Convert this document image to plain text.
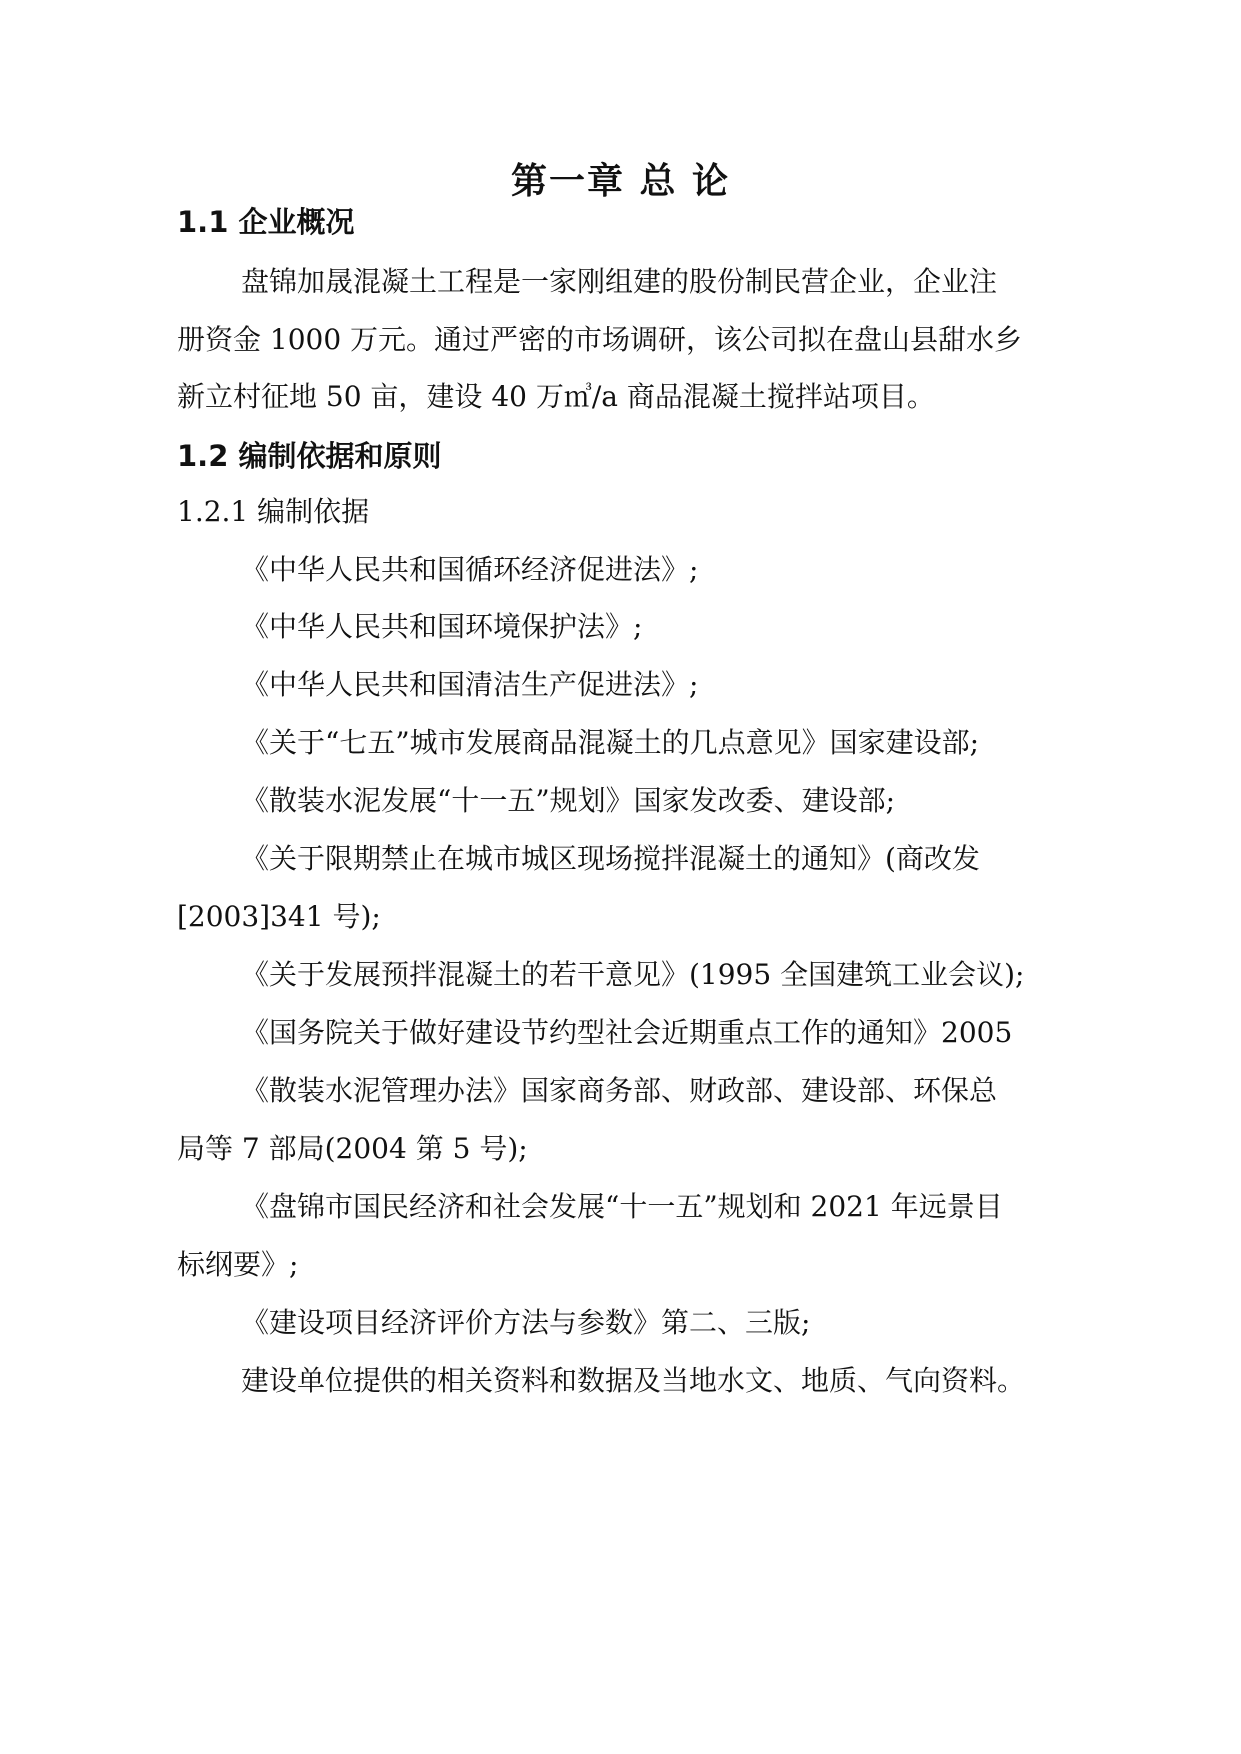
第一章 总 论
1.1 企业概况
盘锦加晟混凝土工程是一家刚组建的股份制民营企业，企业注
册资金 1000 万元。通过严密的市场调研，该公司拟在盘山县甜水乡
新立村征地 50 亩，建设 40 万㎥/a 商品混凝土搅拌站项目。
1.2 编制依据和原则
1.2.1 编制依据
《中华人民共和国循环经济促进法》;
《中华人民共和国环境保护法》;
《中华人民共和国清洁生产促进法》;
《关于“七五”城市发展商品混凝土的几点意见》国家建设部;
《散装水泥发展“十一五”规划》国家发改委、建设部;
《关于限期禁止在城市城区现场搅拌混凝土的通知》(商改发
[2003]341 号);
《关于发展预拌混凝土的若干意见》(1995 全国建筑工业会议);
《国务院关于做好建设节约型社会近期重点工作的通知》2005
《散装水泥管理办法》国家商务部、财政部、建设部、环保总
局等 7 部局(2004 第 5 号);
《盘锦市国民经济和社会发展“十一五”规划和 2021 年远景目
标纲要》;
《建设项目经济评价方法与参数》第二、三版;
建设单位提供的相关资料和数据及当地水文、地质、气向资料。
